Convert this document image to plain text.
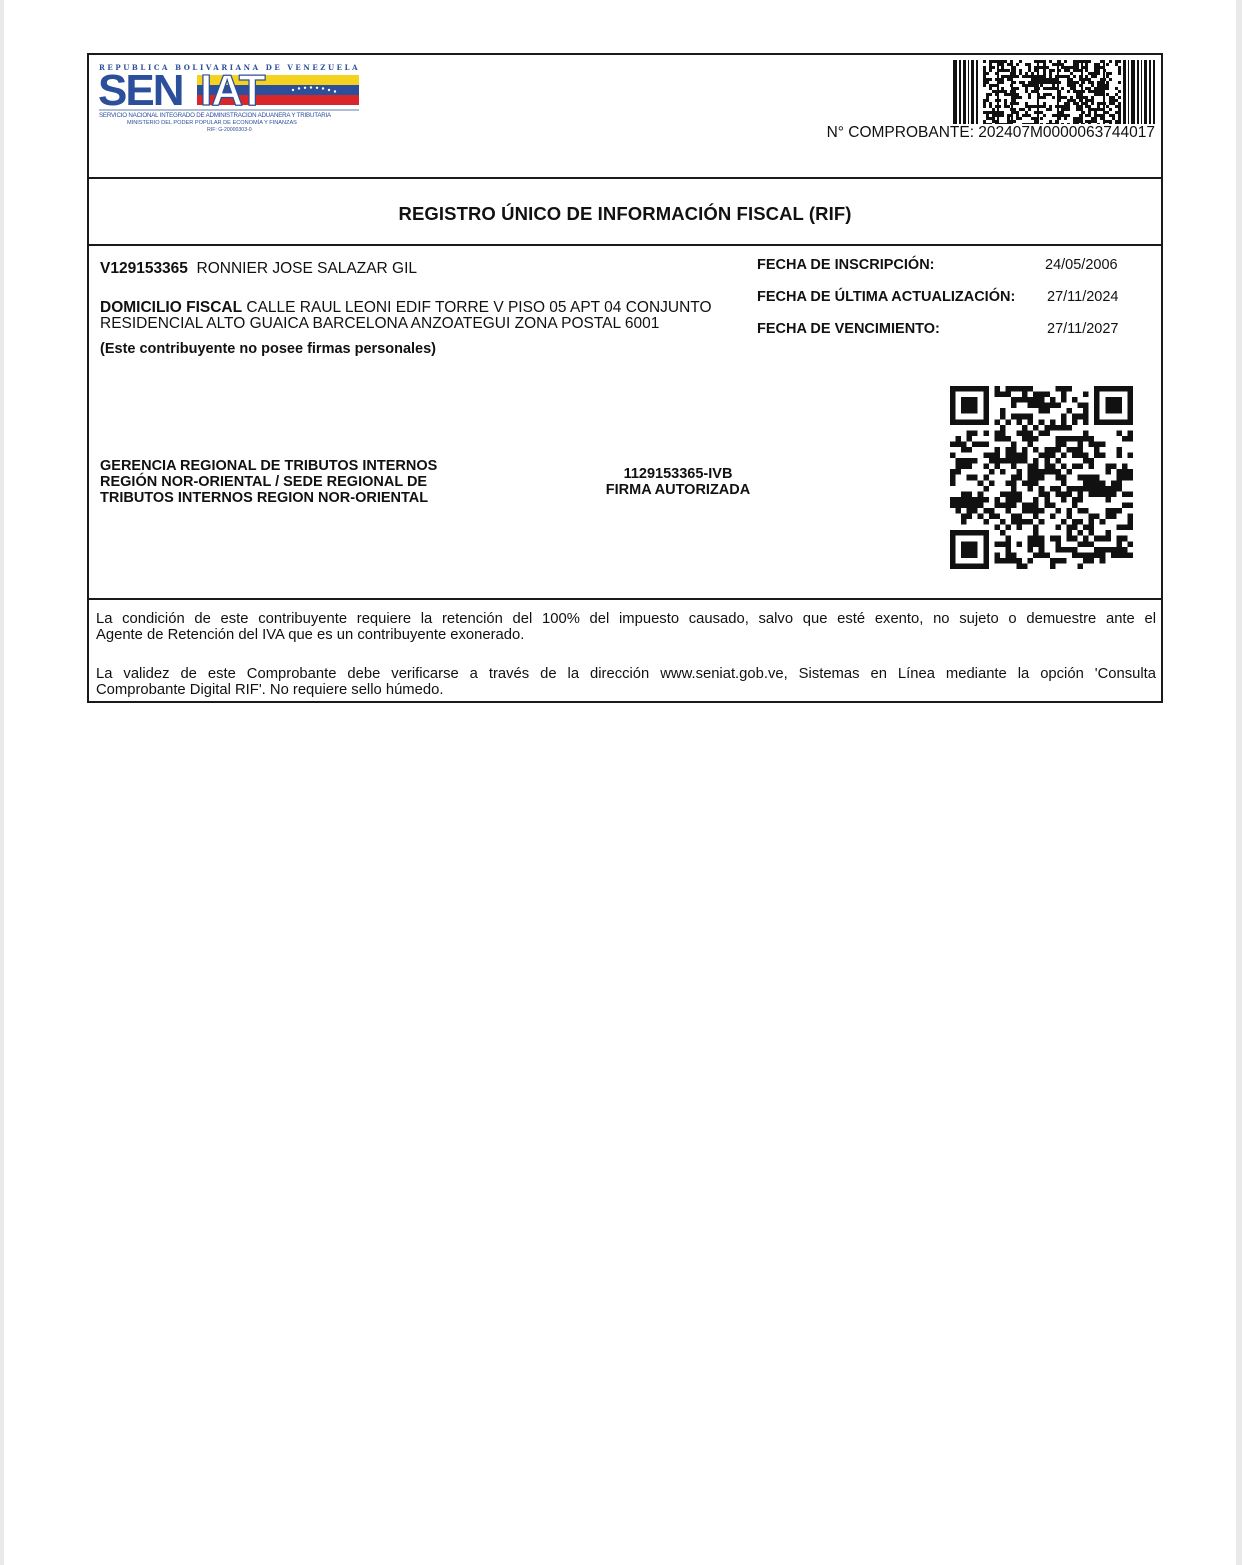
SEN IAT
REPUBLICA BOLIVARIANA DE VENEZUELA
SERVICIO NACIONAL INTEGRADO DE ADMINISTRACION ADUANERA Y TRIBUTARIA
MINISTERIO DEL PODER POPULAR DE ECONOMÍA Y FINANZAS
RIF: G-20000303-0	N° COMPROBANTE: 202407M0000063744017
REGISTRO ÚNICO DE INFORMACIÓN FISCAL (RIF)
V129153365 RONNIER JOSE SALAZAR GIL
DOMICILIO FISCAL CALLE RAUL LEONI EDIF TORRE V PISO 05 APT 04 CONJUNTO
RESIDENCIAL ALTO GUAICA BARCELONA ANZOATEGUI ZONA POSTAL 6001
(Este contribuyente no posee firmas personales)
FECHA DE INSCRIPCIÓN:	24/05/2006
FECHA DE ÚLTIMA ACTUALIZACIÓN: 27/11/2024
FECHA DE VENCIMIENTO:	27/11/2027
GERENCIA REGIONAL DE TRIBUTOS INTERNOS
REGIÓN NOR-ORIENTAL / SEDE REGIONAL DE
TRIBUTOS INTERNOS REGION NOR-ORIENTAL
1129153365-IVB
FIRMA AUTORIZADA
La condición de este contribuyente requiere la retención del 100% del impuesto causado, salvo que esté exento, no sujeto o demuestre ante el
Agente de Retención del IVA que es un contribuyente exonerado.
La validez de este Comprobante debe verificarse a través de la dirección www.seniat.gob.ve, Sistemas en Línea mediante la opción 'Consulta
Comprobante Digital RIF'. No requiere sello húmedo.
